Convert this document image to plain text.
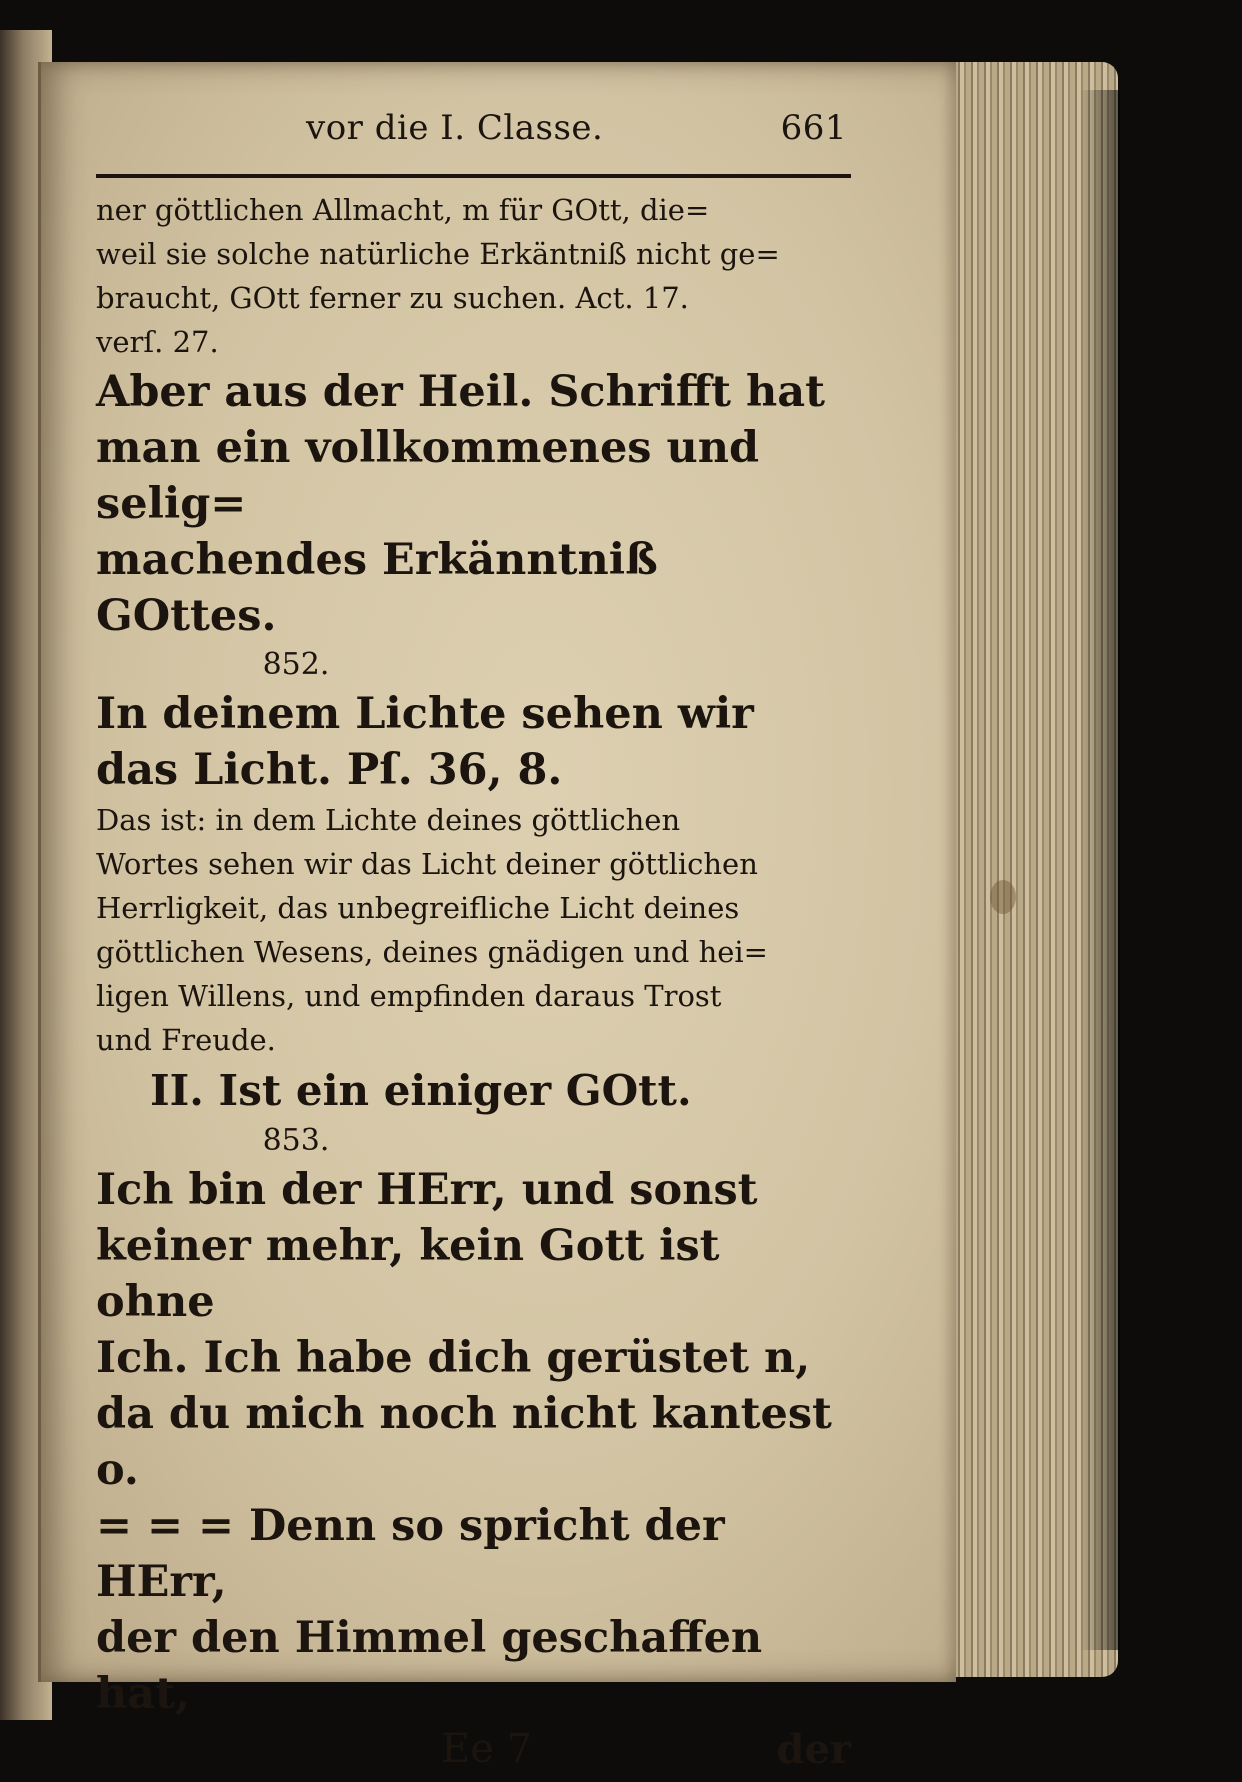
vor die I. Classe.	661
ner göttlichen Allmacht, m für GOtt, die=
weil sie solche natürliche Erkäntniß nicht ge=
braucht, GOtt ferner zu suchen. Act. 17.
verſ. 27.
Aber aus der Heil. Schrifft hat
man ein vollkommenes und selig=
machendes Erkänntniß GOttes.
852.
In deinem Lichte sehen wir
das Licht. Pſ. 36, 8.
Das ist: in dem Lichte deines göttlichen
Wortes sehen wir das Licht deiner göttlichen
Herrligkeit, das unbegreifliche Licht deines
göttlichen Wesens, deines gnädigen und hei=
ligen Willens, und empfinden daraus Trost
und Freude.
II. Ist ein einiger GOtt.
853.
Ich bin der HErr, und sonst
keiner mehr, kein Gott ist ohne
Ich. Ich habe dich gerüstet n,
da du mich noch nicht kantest o.
= = = Denn so spricht der HErr,
der den Himmel geschaffen hat,
Ee 7	der
